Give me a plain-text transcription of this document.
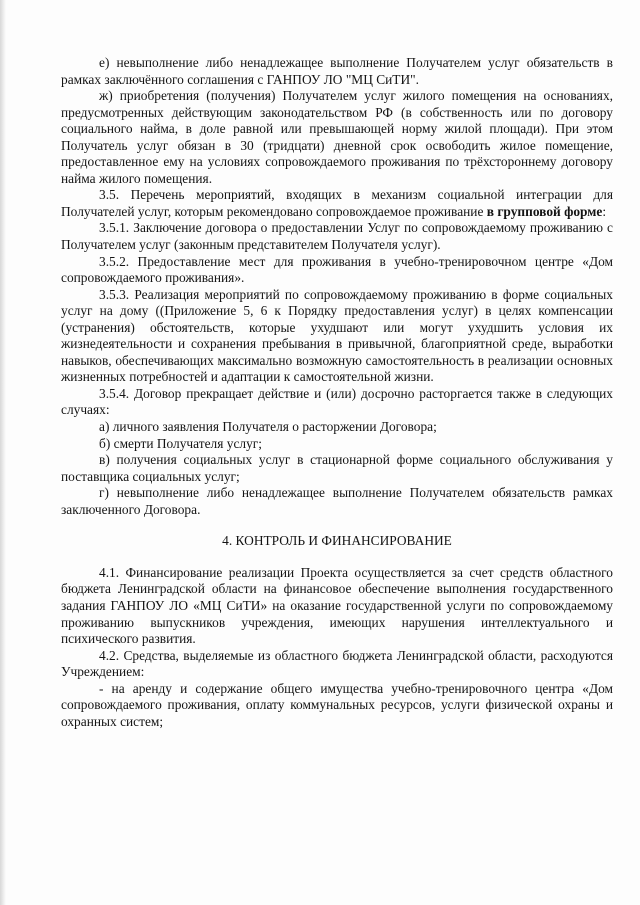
е) невыполнение либо ненадлежащее выполнение Получателем услуг обязательств в рамках заключённого соглашения с ГАНПОУ ЛО "МЦ СиТИ".

ж) приобретения (получения) Получателем услуг жилого помещения на основаниях, предусмотренных действующим законодательством РФ (в собственность или по договору социального найма, в доле равной или превышающей норму жилой площади). При этом Получатель услуг обязан в 30 (тридцати) дневной срок освободить жилое помещение, предоставленное ему на условиях сопровождаемого проживания по трёхстороннему договору найма жилого помещения.

3.5. Перечень мероприятий, входящих в механизм социальной интеграции для Получателей услуг, которым рекомендовано сопровождаемое проживание в групповой форме:

3.5.1. Заключение договора о предоставлении Услуг по сопровождаемому проживанию с Получателем услуг (законным представителем Получателя услуг).

3.5.2. Предоставление мест для проживания в учебно-тренировочном центре «Дом сопровождаемого проживания».

3.5.3. Реализация мероприятий по сопровождаемому проживанию в форме социальных услуг на дому ((Приложение 5, 6 к Порядку предоставления услуг) в целях компенсации (устранения) обстоятельств, которые ухудшают или могут ухудшить условия их жизнедеятельности и сохранения пребывания в привычной, благоприятной среде, выработки навыков, обеспечивающих максимально возможную самостоятельность в реализации основных жизненных потребностей и адаптации к самостоятельной жизни.

3.5.4. Договор прекращает действие и (или) досрочно расторгается также в следующих случаях:

а) личного заявления Получателя о расторжении Договора;

б) смерти Получателя услуг;

в) получения социальных услуг в стационарной форме социального обслуживания у поставщика социальных услуг;

г) невыполнение либо ненадлежащее выполнение Получателем обязательств рамках заключенного Договора.

4. КОНТРОЛЬ И ФИНАНСИРОВАНИЕ

4.1. Финансирование реализации Проекта осуществляется за счет средств областного бюджета Ленинградской области на финансовое обеспечение выполнения государственного задания ГАНПОУ ЛО «МЦ СиТИ» на оказание государственной услуги по сопровождаемому проживанию выпускников учреждения, имеющих нарушения интеллектуального и психического развития.

4.2. Средства, выделяемые из областного бюджета Ленинградской области, расходуются Учреждением:

- на аренду и содержание общего имущества учебно-тренировочного центра «Дом сопровождаемого проживания, оплату коммунальных ресурсов, услуги физической охраны и охранных систем;
